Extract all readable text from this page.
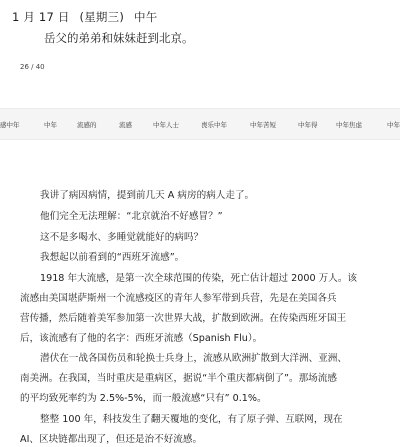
1 月 17 日 (星期三) 中午
岳父的弟弟和妹妹赶到北京。
26 / 40
感中年	中年	流感的	流感	中年人士	喪乐中年	中年苦短	中年得	中年焦虑	中年
我讲了病因病情，提到前几天 A 病房的病人走了。
他们完全无法理解：“北京就治不好感冒？”
这不是多喝水、多睡觉就能好的病吗？
我想起以前看到的“西班牙流感”。
1918 年大流感，是第一次全球范围的传染，死亡估计超过 2000 万人。该
流感由美国堪萨斯州一个流感疫区的青年人参军带到兵营，先是在美国各兵
营传播，然后随着美军参加第一次世界大战，扩散到欧洲。在传染西班牙国王
后，该流感有了他的名字：西班牙流感（Spanish Flu）。
潜伏在一战各国伤员和轮换士兵身上，流感从欧洲扩散到大洋洲、亚洲、
南美洲。在我国，当时重庆是重病区，据说“半个重庆都病倒了”。那场流感
的平均致死率约为 2.5%-5%，而一般流感“只有” 0.1%。
整整 100 年，科技发生了翻天覆地的变化，有了原子弹、互联网，现在
AI、区块链都出现了，但还是治不好流感。
